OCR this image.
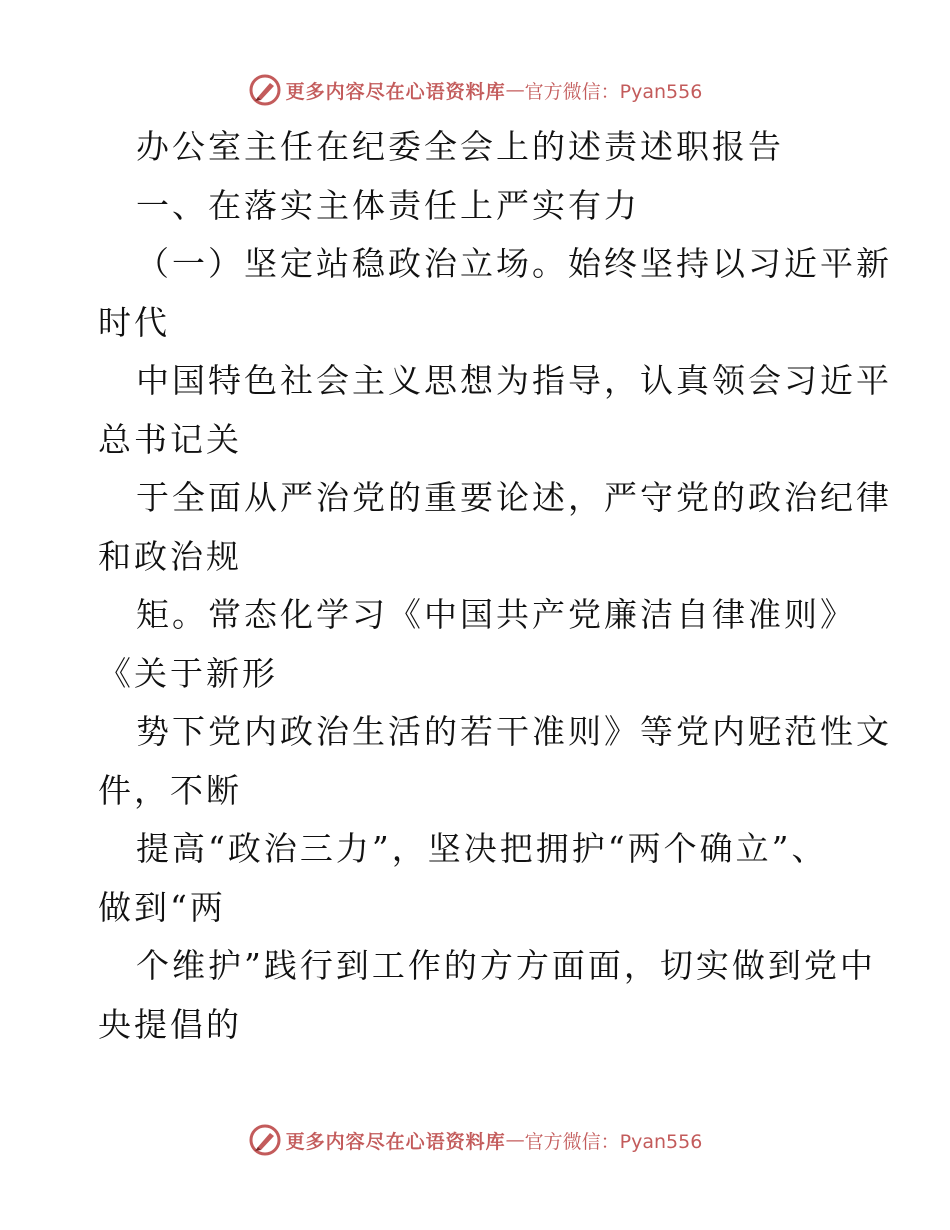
更多内容尽在心语资料库 — 官方微信：Pyan556

办公室主任在纪委全会上的述责述职报告

一、在落实主体责任上严实有力

（一）坚定站稳政治立场。始终坚持以习近平新

时代

中国特色社会主义思想为指导，认真领会习近平

总书记关

于全面从严治党的重要论述，严守党的政治纪律

和政治规

矩。常态化学习《中国共产党廉洁自律准则》

《关于新形

势下党内政治生活的若干准则》等党内觃范性文

件，不断

提高“政治三力”，坚决把拥护“两个确立”、

做到“两

个维护”践行到工作的方方面面，切实做到党中

央提倡的

更多内容尽在心语资料库 — 官方微信：Pyan556
